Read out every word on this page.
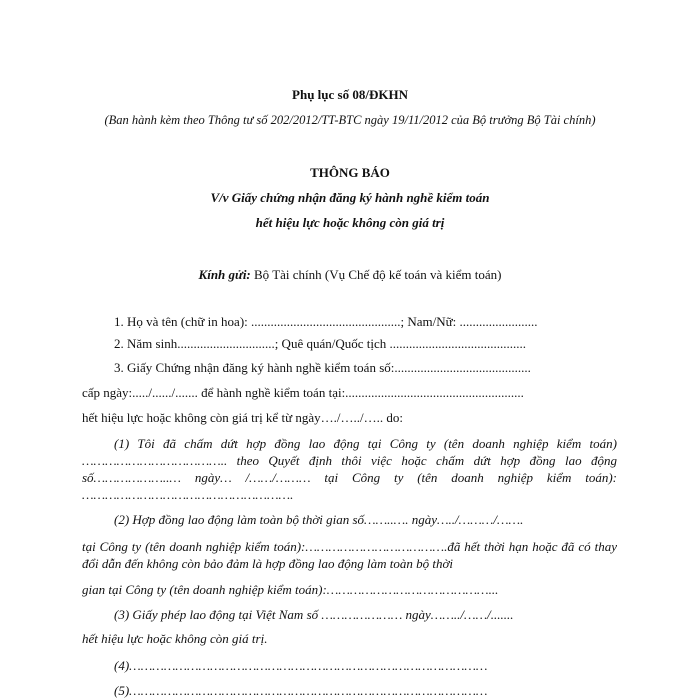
Phụ lục số 08/ĐKHN
(Ban hành kèm theo Thông tư số 202/2012/TT-BTC ngày 19/11/2012 của Bộ trưởng Bộ Tài chính)
THÔNG BÁO
V/v Giấy chứng nhận đăng ký hành nghề kiểm toán
hết hiệu lực hoặc không còn giá trị
Kính gửi: Bộ Tài chính (Vụ Chế độ kế toán và kiểm toán)
1. Họ và tên (chữ in hoa): ..............................................; Nam/Nữ: ........................
2. Năm sinh..............................; Quê quán/Quốc tịch ..........................................
3. Giấy Chứng nhận đăng ký hành nghề kiểm toán số:..........................................
cấp ngày:...../....../....... để hành nghề kiểm toán tại:.......................................................
hết hiệu lực hoặc không còn giá trị kể từ ngày…./…../….. do:
(1) Tôi đã chấm dứt hợp đồng lao động tại Công ty (tên doanh nghiệp kiểm toán) ……………………………….. theo Quyết định thôi việc hoặc chấm dứt hợp đồng lao động số………………..… ngày… /……/……… tại Công ty (tên doanh nghiệp kiểm toán): ……………………………………………….
(2) Hợp đồng lao động làm toàn bộ thời gian số……..…. ngày…../………/…….
tại Công ty (tên doanh nghiệp kiểm toán):……………………………….đã hết thời hạn hoặc đã có thay đổi dẫn đến không còn bảo đảm là hợp đồng lao động làm toàn bộ thời
gian tại Công ty (tên doanh nghiệp kiểm toán):……………………………………...
(3) Giấy phép lao động tại Việt Nam số ………………… ngày……../……/.......
hết hiệu lực hoặc không còn giá trị.
(4)…………………………………………………………………………………
(5)…………………………………………………………………………………
